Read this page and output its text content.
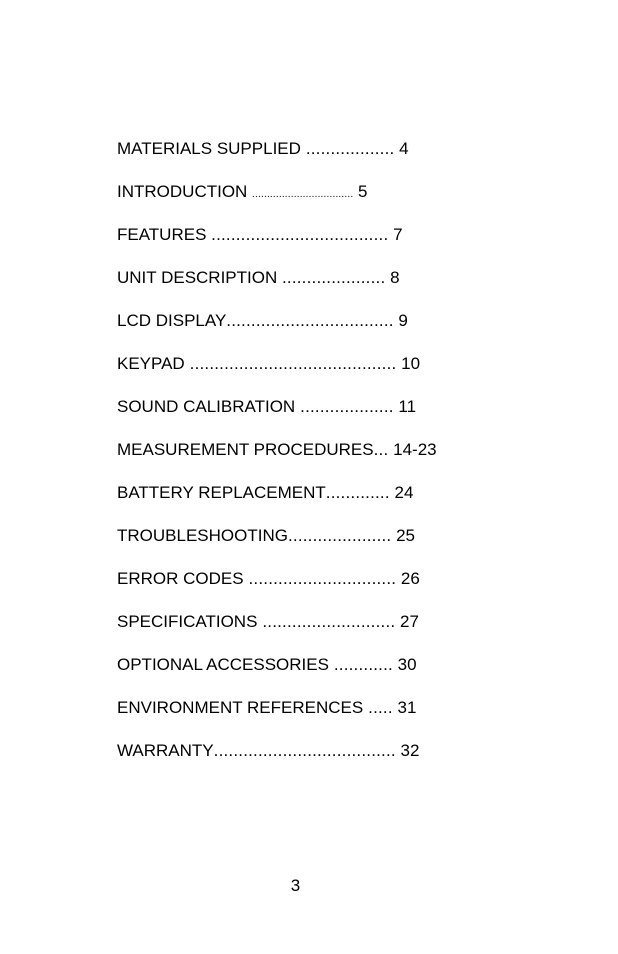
MATERIALS SUPPLIED .................. 4
INTRODUCTION .................................. 5
FEATURES .................................... 7
UNIT DESCRIPTION ..................... 8
LCD DISPLAY.................................. 9
KEYPAD .......................................... 10
SOUND CALIBRATION ................... 11
MEASUREMENT PROCEDURES... 14-23
BATTERY REPLACEMENT............. 24
TROUBLESHOOTING..................... 25
ERROR CODES .............................. 26
SPECIFICATIONS ........................... 27
OPTIONAL ACCESSORIES ............ 30
ENVIRONMENT REFERENCES ..... 31
WARRANTY..................................... 32
3
